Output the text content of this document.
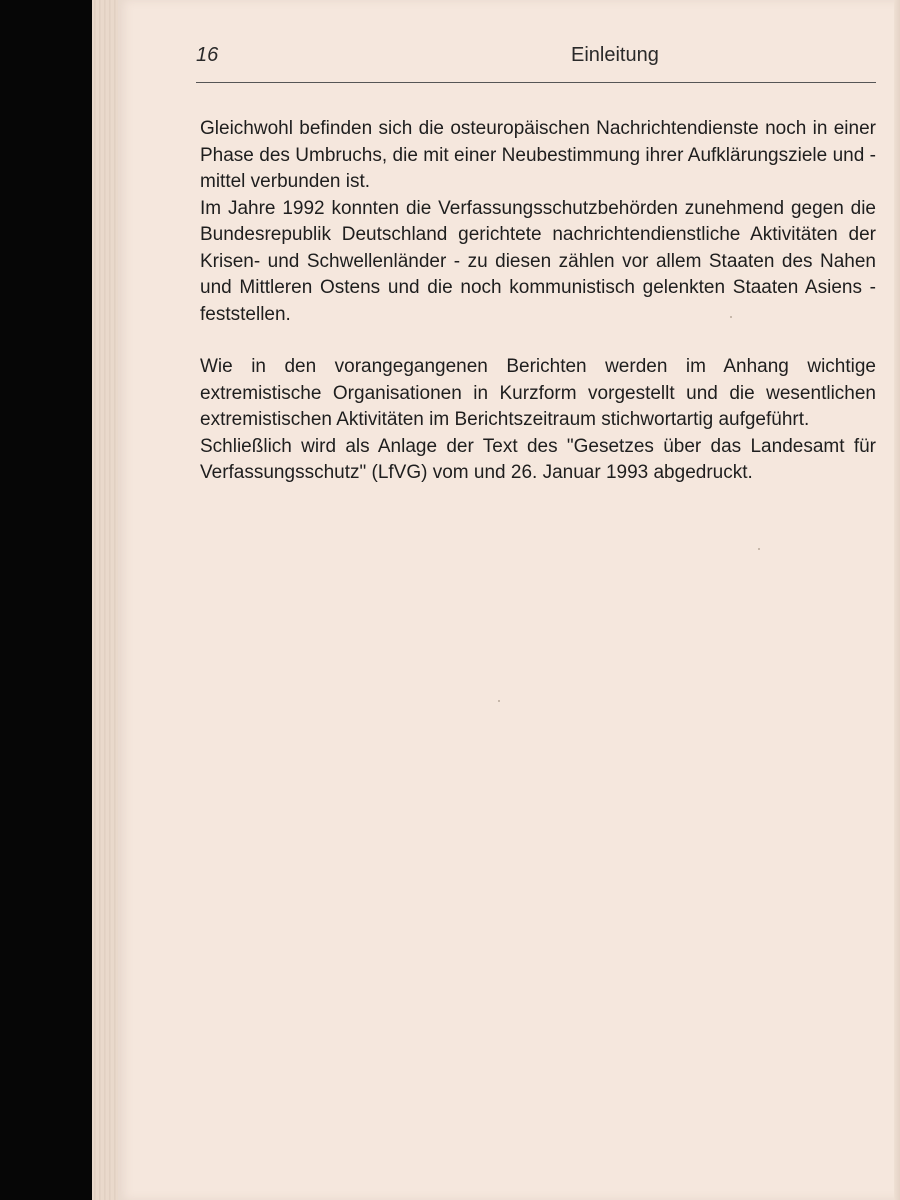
16	Einleitung

Gleichwohl befinden sich die osteuropäischen Nachrichtendienste noch in einer Phase des Umbruchs, die mit einer Neubestimmung ihrer Aufklärungsziele und -mittel verbunden ist.

Im Jahre 1992 konnten die Verfassungsschutzbehörden zunehmend gegen die Bundesrepublik Deutschland gerichtete nachrichtendienstliche Aktivitäten der Krisen- und Schwellenländer - zu diesen zählen vor allem Staaten des Nahen und Mittleren Ostens und die noch kommunistisch gelenkten Staaten Asiens - feststellen.

Wie in den vorangegangenen Berichten werden im Anhang wichtige extremistische Organisationen in Kurzform vorgestellt und die wesentlichen extremistischen Aktivitäten im Berichtszeitraum stichwortartig aufgeführt.

Schließlich wird als Anlage der Text des "Gesetzes über das Landesamt für Verfassungsschutz" (LfVG) vom und 26. Januar 1993 abgedruckt.
